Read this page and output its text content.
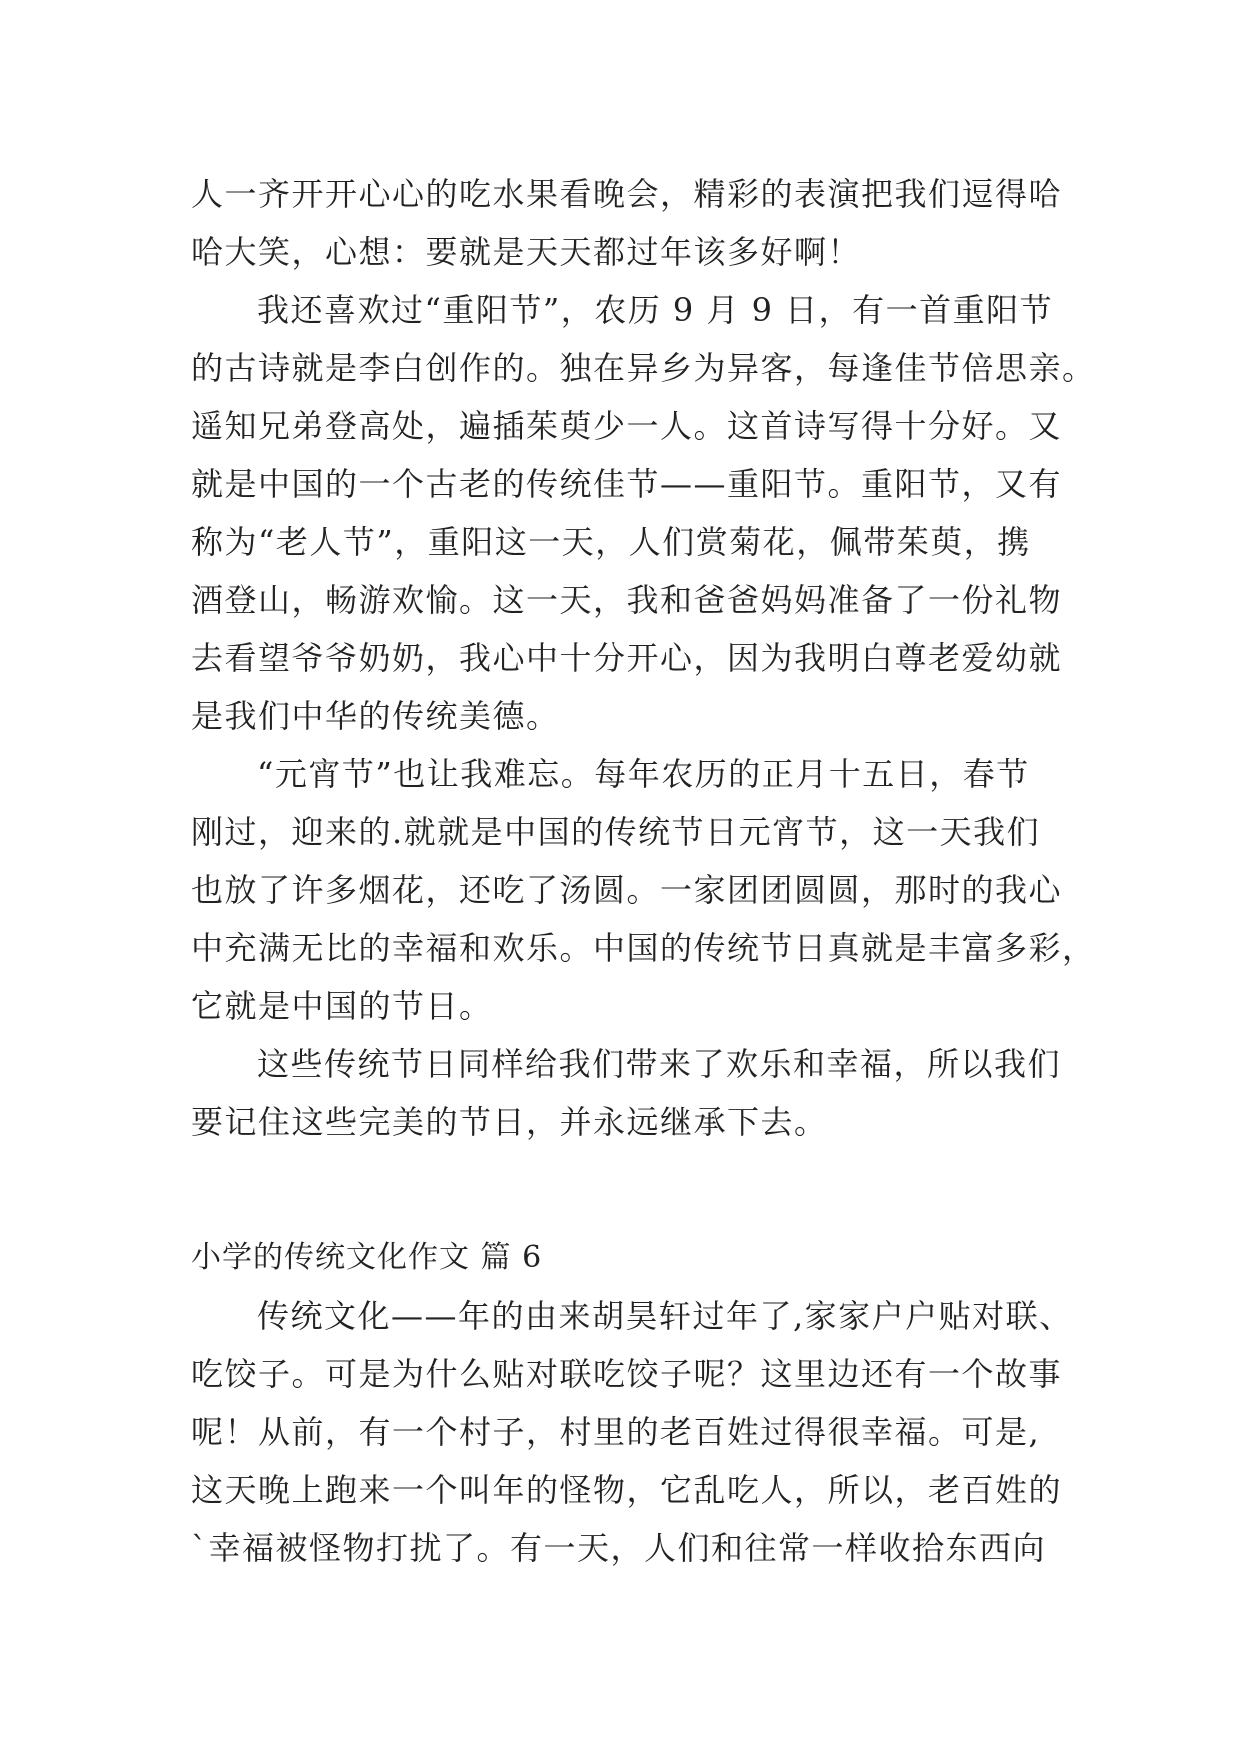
人一齐开开心心的吃水果看晚会，精彩的表演把我们逗得哈
哈大笑，心想：要就是天天都过年该多好啊！
我还喜欢过“重阳节”，农历 9 月 9 日，有一首重阳节
的古诗就是李白创作的。独在异乡为异客，每逢佳节倍思亲。
遥知兄弟登高处，遍插茱萸少一人。这首诗写得十分好。又
就是中国的一个古老的传统佳节——重阳节。重阳节，又有
称为“老人节”，重阳这一天，人们赏菊花，佩带茱萸，携
酒登山，畅游欢愉。这一天，我和爸爸妈妈准备了一份礼物
去看望爷爷奶奶，我心中十分开心，因为我明白尊老爱幼就
是我们中华的传统美德。
“元宵节”也让我难忘。每年农历的正月十五日，春节
刚过，迎来的.就就是中国的传统节日元宵节，这一天我们
也放了许多烟花，还吃了汤圆。一家团团圆圆，那时的我心
中充满无比的幸福和欢乐。中国的传统节日真就是丰富多彩，
它就是中国的节日。
这些传统节日同样给我们带来了欢乐和幸福，所以我们
要记住这些完美的节日，并永远继承下去。
小学的传统文化作文 篇 6
传统文化——年的由来胡昊轩过年了,家家户户贴对联、
吃饺子。可是为什么贴对联吃饺子呢？这里边还有一个故事
呢！从前，有一个村子，村里的老百姓过得很幸福。可是,
这天晚上跑来一个叫年的怪物，它乱吃人，所以，老百姓的
`幸福被怪物打扰了。有一天，人们和往常一样收拾东西向
